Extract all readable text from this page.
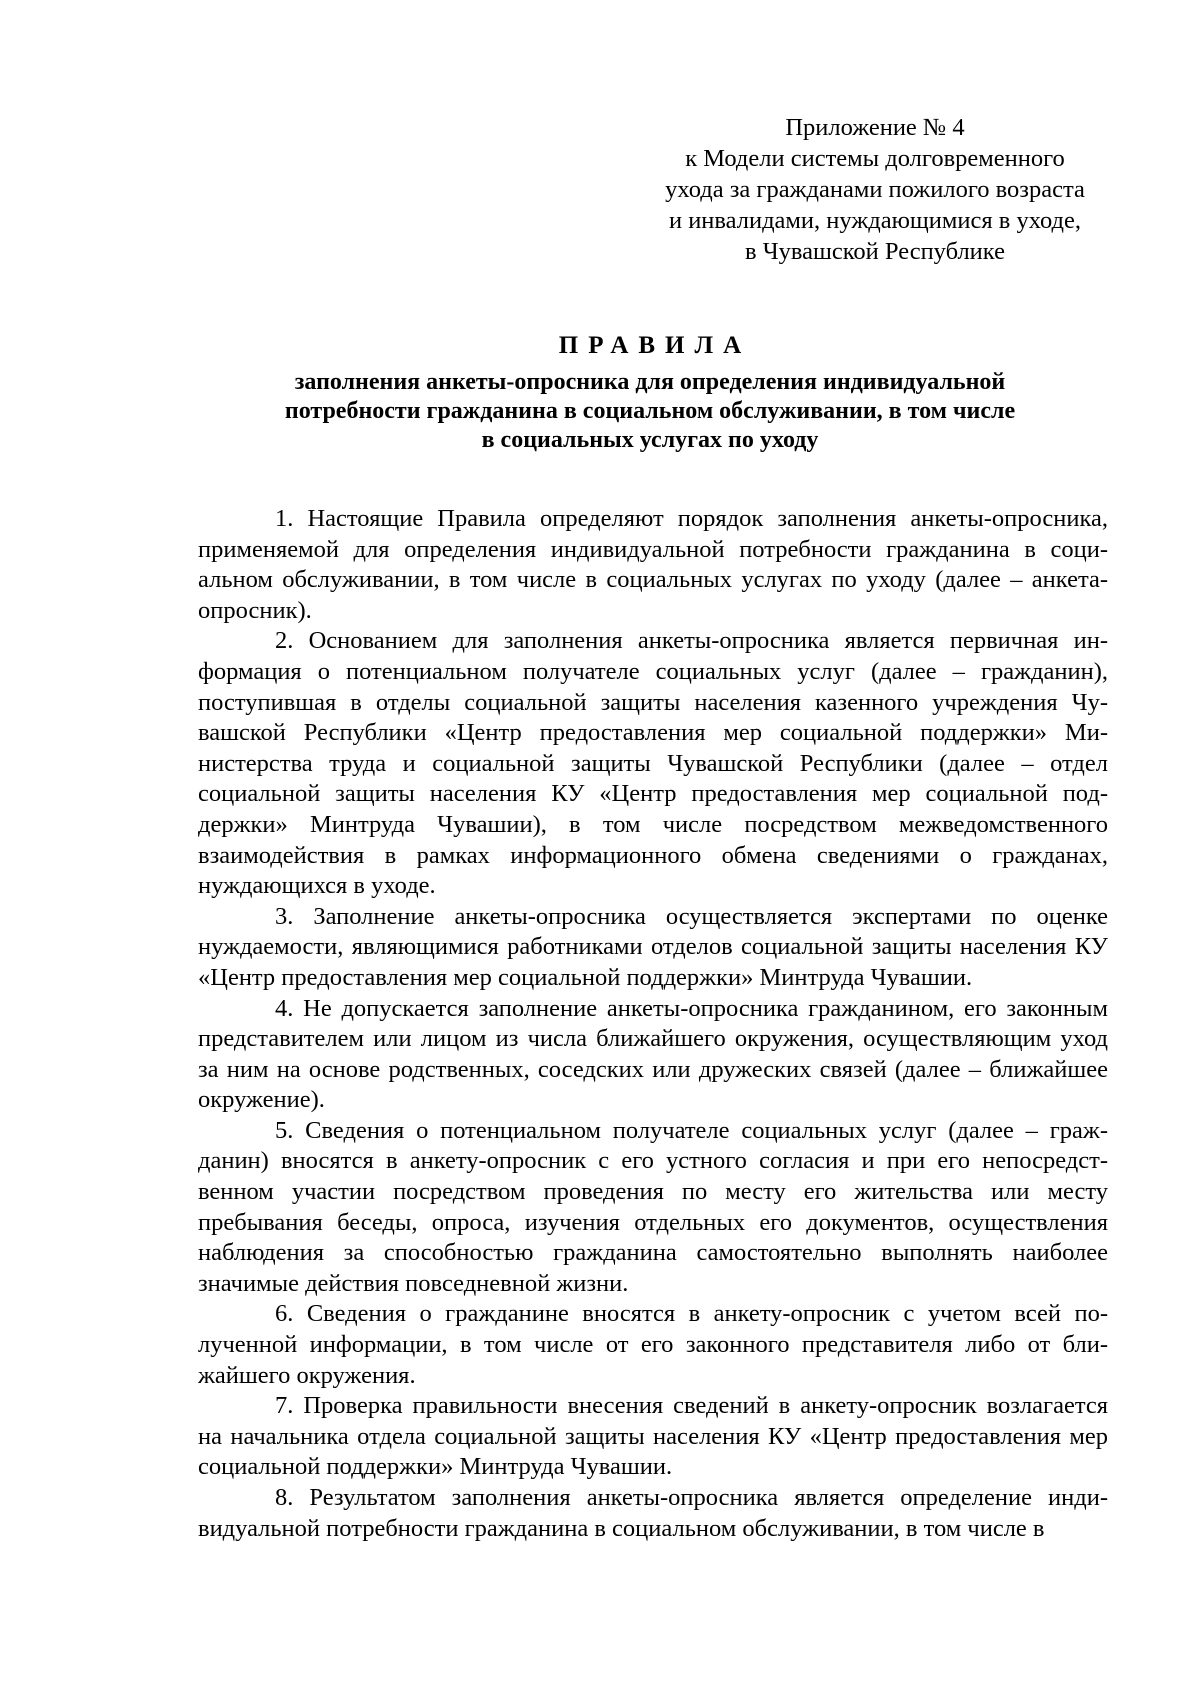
Приложение № 4
к Модели системы долговременного
ухода за гражданами пожилого возраста
и инвалидами, нуждающимися в уходе,
в Чувашской Республике
ПРАВИЛА
заполнения анкеты-опросника для определения индивидуальной
потребности гражданина в социальном обслуживании, в том числе
в социальных услугах по уходу

1. Настоящие Правила определяют порядок заполнения анкеты-опросника, применяемой для определения индивидуальной потребности гражданина в социальном обслуживании, в том числе в социальных услугах по уходу (далее – анкета-опросник).

2. Основанием для заполнения анкеты-опросника является первичная информация о потенциальном получателе социальных услуг (далее – гражданин), поступившая в отделы социальной защиты населения казенного учреждения Чувашской Республики «Центр предоставления мер социальной поддержки» Министерства труда и социальной защиты Чувашской Республики (далее – отдел социальной защиты населения КУ «Центр предоставления мер социальной поддержки» Минтруда Чувашии), в том числе посредством межведомственного взаимодействия в рамках информационного обмена сведениями о гражданах, нуждающихся в уходе.

3. Заполнение анкеты-опросника осуществляется экспертами по оценке нуждаемости, являющимися работниками отделов социальной защиты населения КУ «Центр предоставления мер социальной поддержки» Минтруда Чувашии.

4. Не допускается заполнение анкеты-опросника гражданином, его законным представителем или лицом из числа ближайшего окружения, осуществляющим уход за ним на основе родственных, соседских или дружеских связей (далее – ближайшее окружение).

5. Сведения о потенциальном получателе социальных услуг (далее – гражданин) вносятся в анкету-опросник с его устного согласия и при его непосредственном участии посредством проведения по месту его жительства или месту пребывания беседы, опроса, изучения отдельных его документов, осуществления наблюдения за способностью гражданина самостоятельно выполнять наиболее значимые действия повседневной жизни.

6. Сведения о гражданине вносятся в анкету-опросник с учетом всей полученной информации, в том числе от его законного представителя либо от ближайшего окружения.

7. Проверка правильности внесения сведений в анкету-опросник возлагается на начальника отдела социальной защиты населения КУ «Центр предоставления мер социальной поддержки» Минтруда Чувашии.

8. Результатом заполнения анкеты-опросника является определение индивидуальной потребности гражданина в социальном обслуживании, в том числе в
